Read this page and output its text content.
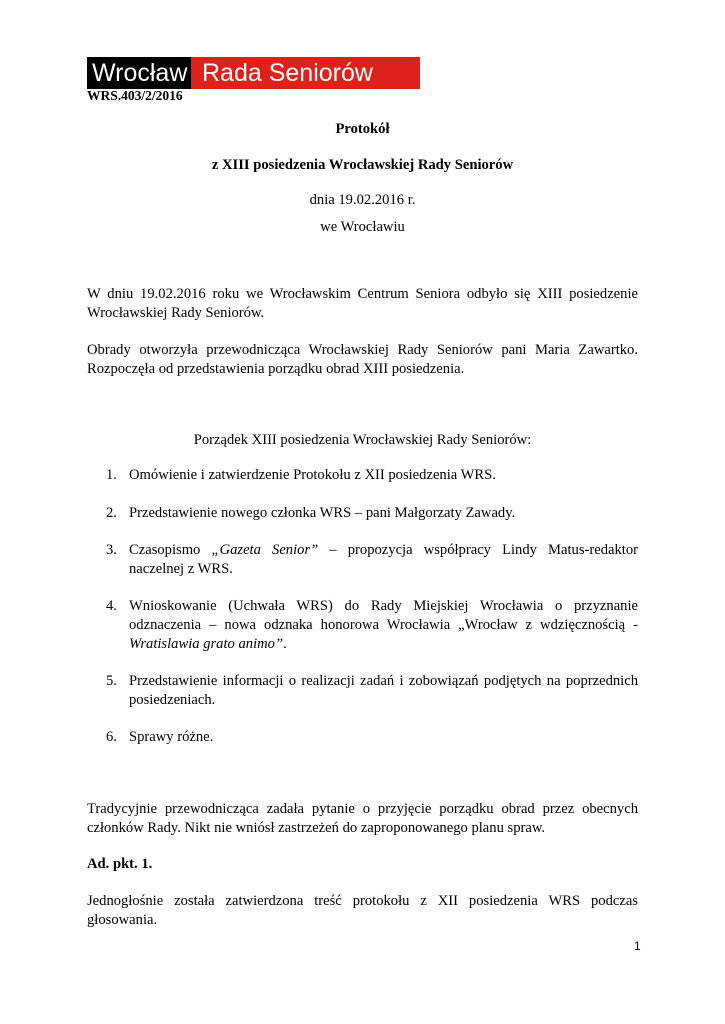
Wrocław Rada Seniorów
WRS.403/2/2016
Protokół
z XIII posiedzenia Wrocławskiej Rady Seniorów
dnia 19.02.2016 r.
we Wrocławiu
W dniu 19.02.2016 roku we Wrocławskim Centrum Seniora odbyło się XIII posiedzenie Wrocławskiej Rady Seniorów.
Obrady otworzyła przewodnicząca Wrocławskiej Rady Seniorów pani Maria Zawartko. Rozpoczęła od przedstawienia porządku obrad XIII posiedzenia.
Porządek XIII posiedzenia Wrocławskiej Rady Seniorów:
1. Omówienie i zatwierdzenie Protokołu z XII posiedzenia WRS.
2. Przedstawienie nowego członka WRS – pani Małgorzaty Zawady.
3. Czasopismo „Gazeta Senior” – propozycja współpracy Lindy Matus-redaktor naczelnej z WRS.
4. Wnioskowanie (Uchwała WRS) do Rady Miejskiej Wrocławia o przyznanie odznaczenia – nowa odznaka honorowa Wrocławia „Wrocław z wdzięcznością - Wratislawia grato animo”.
5. Przedstawienie informacji o realizacji zadań i zobowiązań podjętych na poprzednich posiedzeniach.
6. Sprawy różne.
Tradycyjnie przewodnicząca zadała pytanie o przyjęcie porządku obrad przez obecnych członków Rady. Nikt nie wniósł zastrzeżeń do zaproponowanego planu spraw.
Ad. pkt. 1.
Jednogłośnie została zatwierdzona treść protokołu z XII posiedzenia WRS podczas głosowania.
1
